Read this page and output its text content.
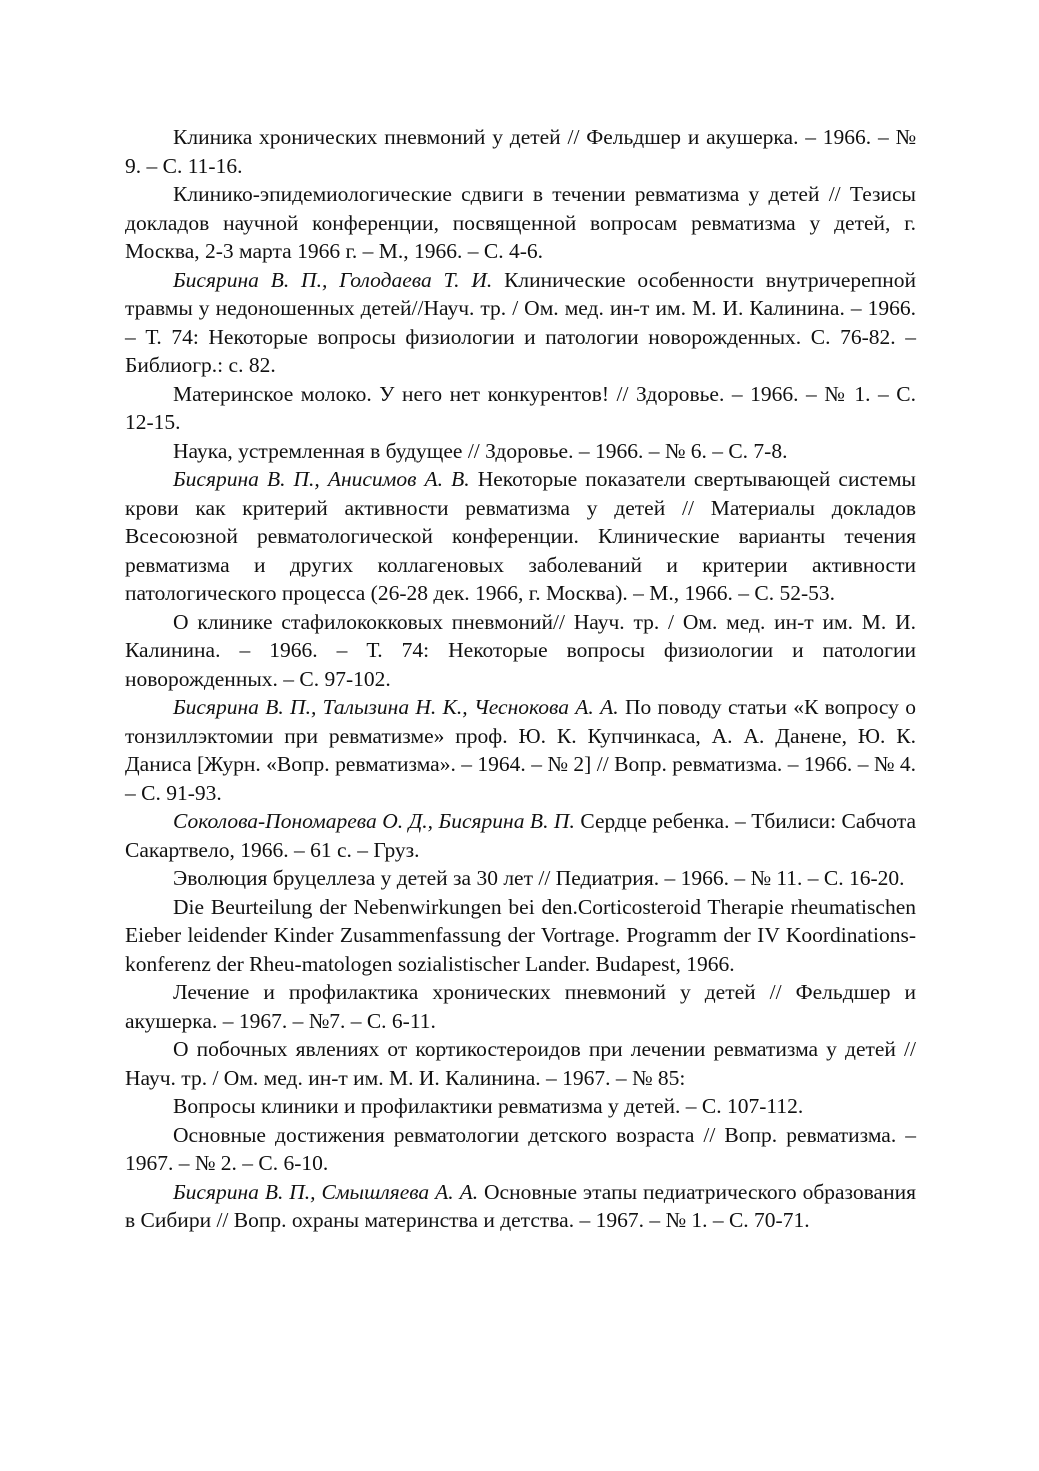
Клиника хронических пневмоний у детей // Фельдшер и акушерка. – 1966. – № 9. – С. 11-16.

Клинико-эпидемиологические сдвиги в течении ревматизма у детей // Тезисы докладов научной конференции, посвященной вопросам ревматизма у детей, г. Москва, 2-3 марта 1966 г. – М., 1966. – С. 4-6.

Бисярина В. П., Голодаева Т. И. Клинические особенности внутричерепной травмы у недоношенных детей//Науч. тр. / Ом. мед. ин-т им. М. И. Калинина. – 1966. – Т. 74: Некоторые вопросы физиологии и патологии новорожденных. С. 76-82. – Библиогр.: с. 82.

Материнское молоко. У него нет конкурентов! // Здоровье. – 1966. – № 1. – С. 12-15.

Наука, устремленная в будущее // Здоровье. – 1966. – № 6. – С. 7-8.

Бисярина В. П., Анисимов А. В. Некоторые показатели свертывающей системы крови как критерий активности ревматизма у детей // Материалы докладов Всесоюзной ревматологической конференции. Клинические варианты течения ревматизма и других коллагеновых заболеваний и критерии активности патологического процесса (26-28 дек. 1966, г. Москва). – М., 1966. – С. 52-53.

О клинике стафилококковых пневмоний// Науч. тр. / Ом. мед. ин-т им. М. И. Калинина. – 1966. – Т. 74: Некоторые вопросы физиологии и патологии новорожденных. – С. 97-102.

Бисярина В. П., Талызина Н. К., Чеснокова А. А. По поводу статьи «К вопросу о тонзиллэктомии при ревматизме» проф. Ю. К. Купчинкаса, А. А. Данене, Ю. К. Даниса [Журн. «Вопр. ревматизма». – 1964. – № 2] // Вопр. ревматизма. – 1966. – № 4. – С. 91-93.

Соколова-Пономарева О. Д., Бисярина В. П. Сердце ребенка. – Тбилиси: Сабчота Сакартвело, 1966. – 61 с. – Груз.

Эволюция бруцеллеза у детей за 30 лет // Педиатрия. – 1966. – № 11. – С. 16-20.

Die Beurteilung der Nebenwirkungen bei den.Corticosteroid Therapie rheumatischen Eieber leidender Kinder Zusammenfassung der Vortrage. Programm der IV Koordinations-konferenz der Rheu-matologen sozialistischer Lander. Budapest, 1966.

Лечение и профилактика хронических пневмоний у детей // Фельдшер и акушерка. – 1967. – №7. – С. 6-11.

О побочных явлениях от кортикостероидов при лечении ревматизма у детей // Науч. тр. / Ом. мед. ин-т им. М. И. Калинина. – 1967. – № 85:

Вопросы клиники и профилактики ревматизма у детей. – С. 107-112.

Основные достижения ревматологии детского возраста // Вопр. ревматизма. – 1967. – № 2. – С. 6-10.

Бисярина В. П., Смышляева А. А. Основные этапы педиатрического образования в Сибири // Вопр. охраны материнства и детства. – 1967. – № 1. – С. 70-71.
